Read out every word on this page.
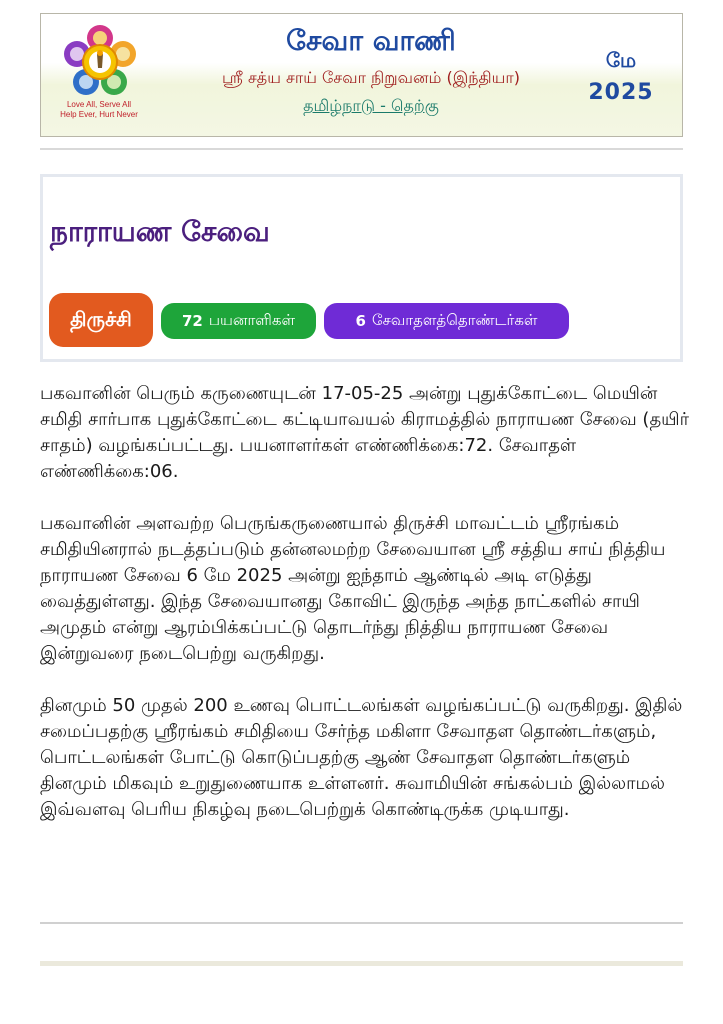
Love All, Serve All
Help Ever, Hurt Never
சேவா வாணி
ஸ்ரீ சத்ய சாய் சேவா நிறுவனம் (இந்தியா)
தமிழ்நாடு - தெற்கு
மே
2025
நாராயண சேவை
திருச்சி	72 பயனாளிகள்	6 சேவாதளத்தொண்டர்கள்

பகவானின் பெரும் கருணையுடன் 17-05-25 அன்று புதுக்கோட்டை மெயின் சமிதி சார்பாக புதுக்கோட்டை கட்டியாவயல் கிராமத்தில் நாராயண சேவை (தயிர் சாதம்) வழங்கப்பட்டது. பயனாளர்கள் எண்ணிக்கை:72. சேவாதள் எண்ணிக்கை:06.

பகவானின் அளவற்ற பெருங்கருணையால் திருச்சி மாவட்டம் ஸ்ரீரங்கம் சமிதியினரால் நடத்தப்படும் தன்னலமற்ற சேவையான ஸ்ரீ சத்திய சாய் நித்திய நாராயண சேவை 6 மே 2025 அன்று ஐந்தாம் ஆண்டில் அடி எடுத்து வைத்துள்ளது. இந்த சேவையானது கோவிட் இருந்த அந்த நாட்களில் சாயி அமுதம் என்று ஆரம்பிக்கப்பட்டு தொடர்ந்து நித்திய நாராயண சேவை இன்றுவரை நடைபெற்று வருகிறது.

தினமும் 50 முதல் 200 உணவு பொட்டலங்கள் வழங்கப்பட்டு வருகிறது. இதில் சமைப்பதற்கு ஸ்ரீரங்கம் சமிதியை சேர்ந்த மகிளா சேவாதள தொண்டர்களும், பொட்டலங்கள் போட்டு கொடுப்பதற்கு ஆண் சேவாதள தொண்டர்களும் தினமும் மிகவும் உறுதுணையாக உள்ளனர். சுவாமியின் சங்கல்பம் இல்லாமல் இவ்வளவு பெரிய நிகழ்வு நடைபெற்றுக் கொண்டிருக்க முடியாது.
